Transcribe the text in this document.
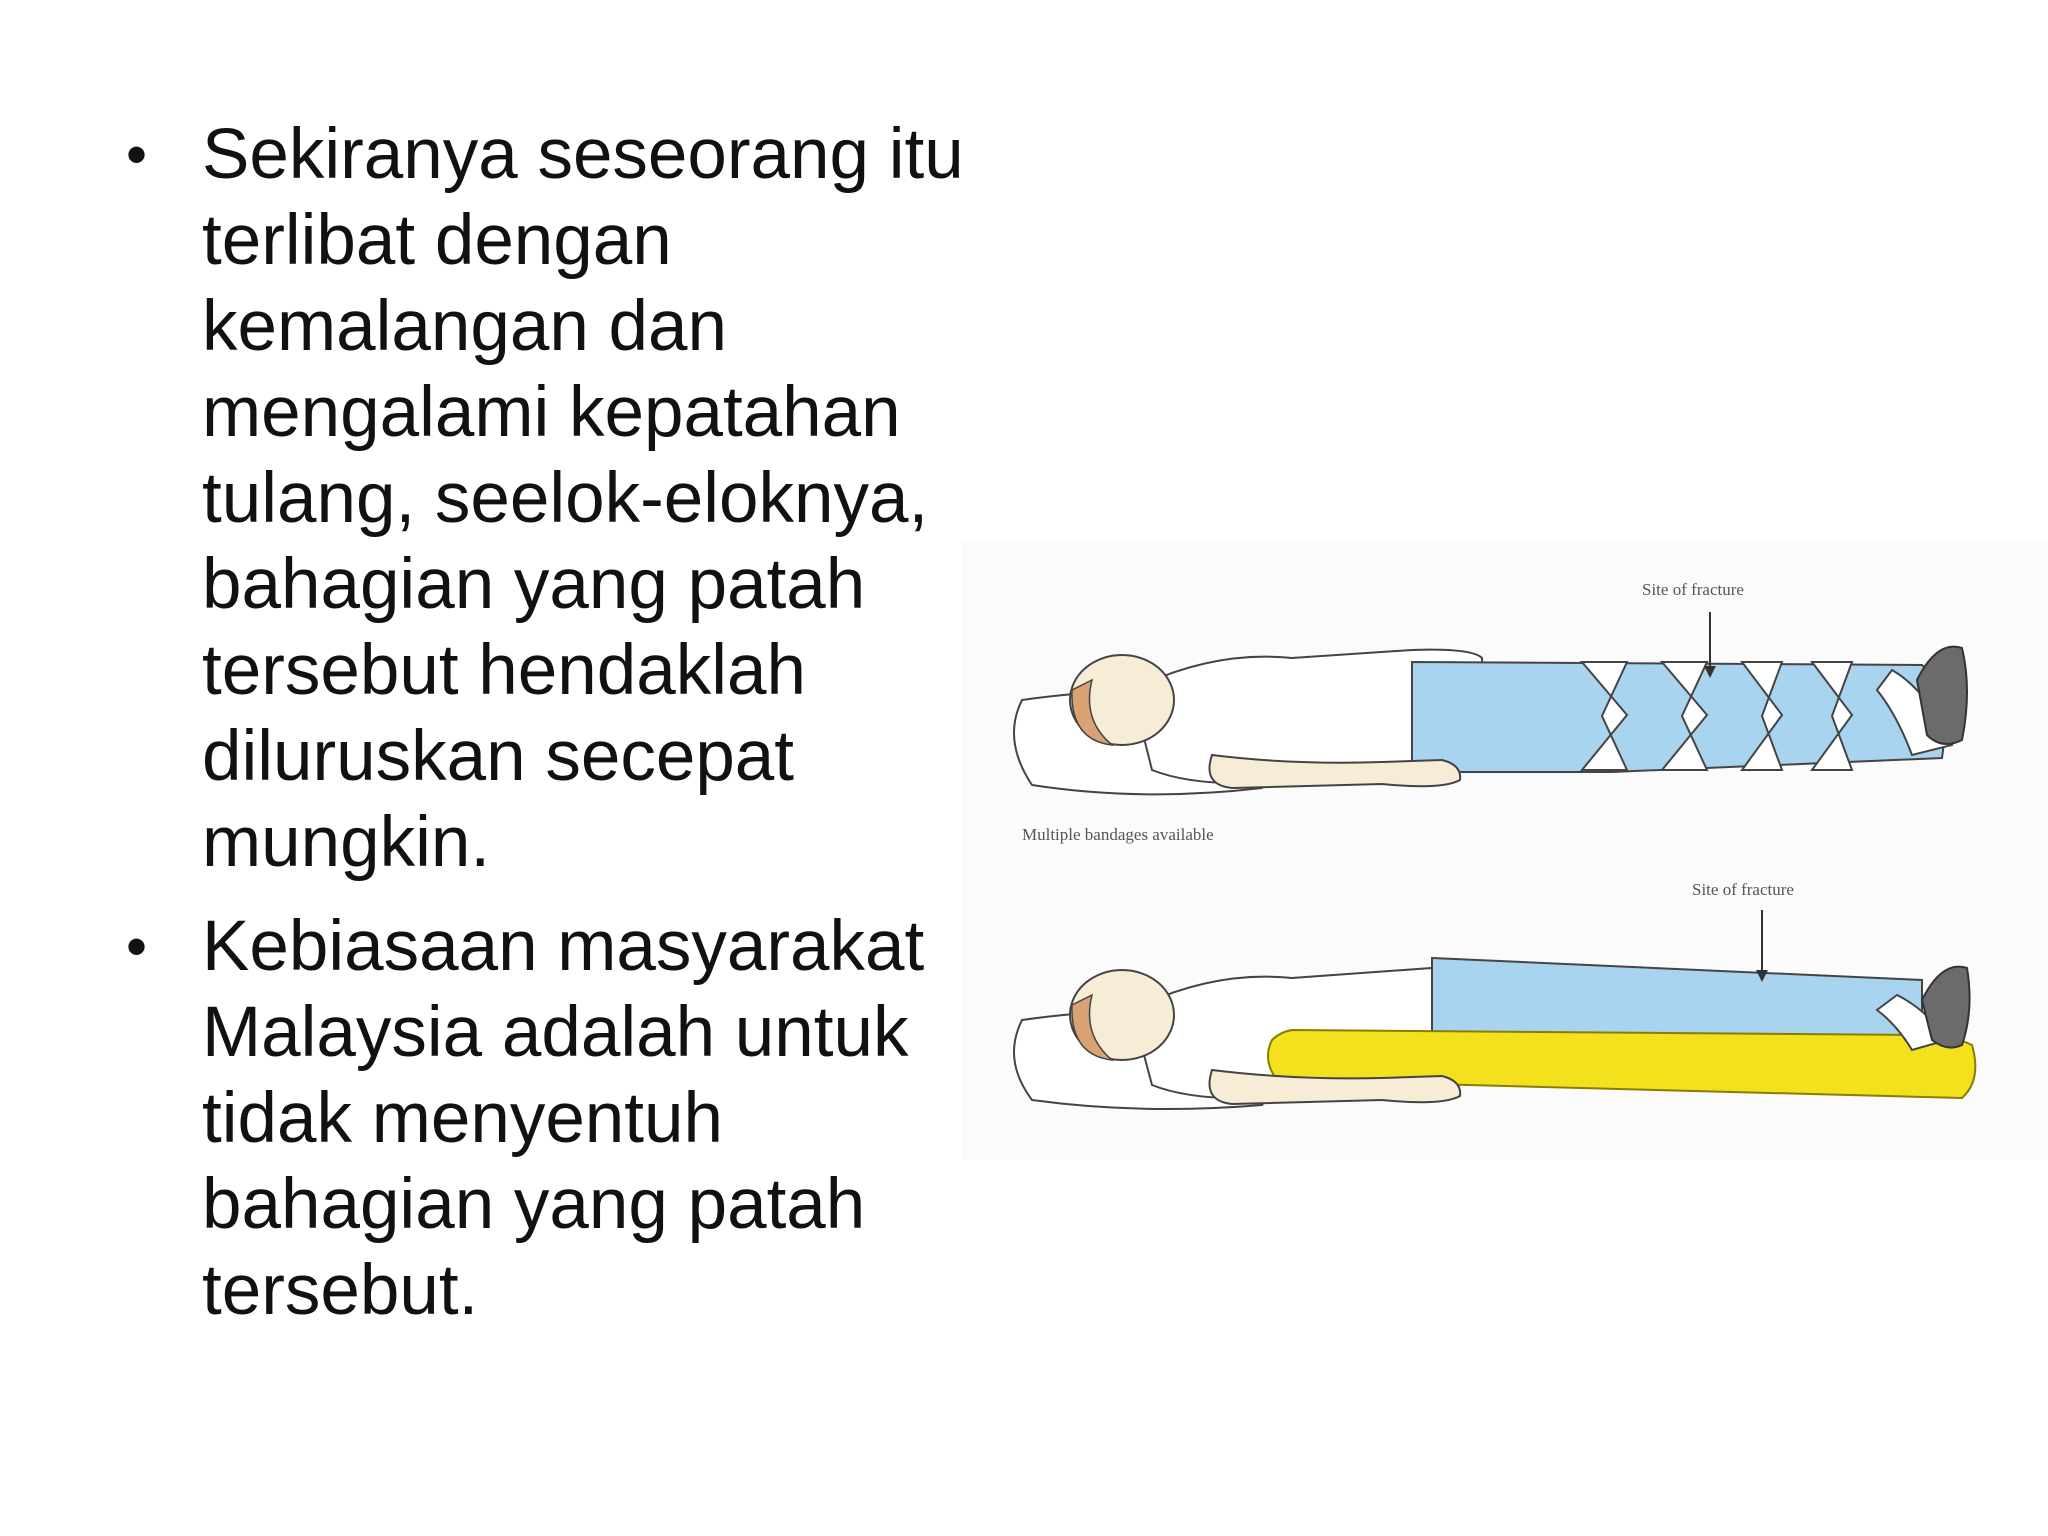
• Sekiranya seseorang itu
terlibat dengan
kemalangan dan
mengalami kepatahan
tulang, seelok-eloknya,
bahagian yang patah
tersebut hendaklah
diluruskan secepat
mungkin.
• Kebiasaan masyarakat
Malaysia adalah untuk
tidak menyentuh
bahagian yang patah
tersebut.
Site of fracture
Multiple bandages available
Site of fracture
